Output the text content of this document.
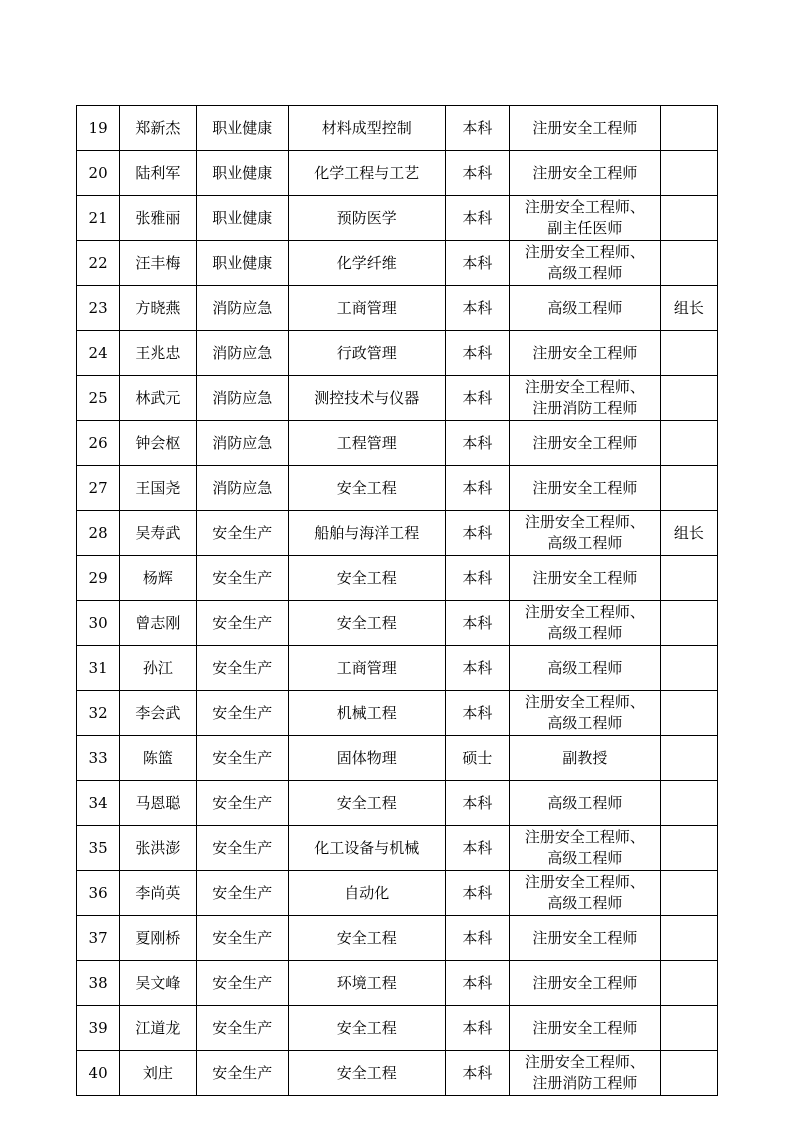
19	郑新杰	职业健康	材料成型控制	本科	注册安全工程师	

20	陆利军	职业健康	化学工程与工艺	本科	注册安全工程师	

21	张雅丽	职业健康	预防医学	本科	注册安全工程师、
副主任医师	

22	汪丰梅	职业健康	化学纤维	本科	注册安全工程师、
高级工程师	

23	方晓燕	消防应急	工商管理	本科	高级工程师	组长
24	王兆忠	消防应急	行政管理	本科	注册安全工程师	

25	林武元	消防应急	测控技术与仪器	本科	注册安全工程师、
注册消防工程师	

26	钟会枢	消防应急	工程管理	本科	注册安全工程师	

27	王国尧	消防应急	安全工程	本科	注册安全工程师	

28	吴寿武	安全生产	船舶与海洋工程	本科	注册安全工程师、
高级工程师	组长
29	杨辉	安全生产	安全工程	本科	注册安全工程师	

30	曾志刚	安全生产	安全工程	本科	注册安全工程师、
高级工程师	

31	孙江	安全生产	工商管理	本科	高级工程师	

32	李会武	安全生产	机械工程	本科	注册安全工程师、
高级工程师	

33	陈篮	安全生产	固体物理	硕士	副教授	

34	马恩聪	安全生产	安全工程	本科	高级工程师	

35	张洪澎	安全生产	化工设备与机械	本科	注册安全工程师、
高级工程师	

36	李尚英	安全生产	自动化	本科	注册安全工程师、
高级工程师	

37	夏刚桥	安全生产	安全工程	本科	注册安全工程师	

38	吴文峰	安全生产	环境工程	本科	注册安全工程师	

39	江道龙	安全生产	安全工程	本科	注册安全工程师	

40	刘庄	安全生产	安全工程	本科	注册安全工程师、
注册消防工程师	
